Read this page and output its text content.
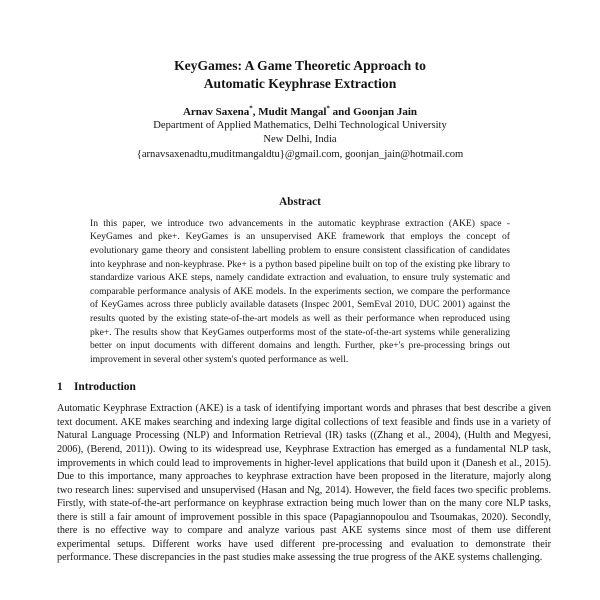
KeyGames: A Game Theoretic Approach to
Automatic Keyphrase Extraction
Arnav Saxena*, Mudit Mangal* and Goonjan Jain
Department of Applied Mathematics, Delhi Technological University
New Delhi, India
{arnavsaxenadtu,muditmangaldtu}@gmail.com, goonjan_jain@hotmail.com
Abstract
In this paper, we introduce two advancements in the automatic keyphrase extraction (AKE) space - KeyGames and pke+. KeyGames is an unsupervised AKE framework that employs the concept of evolutionary game theory and consistent labelling problem to ensure consistent classification of candidates into keyphrase and non-keyphrase. Pke+ is a python based pipeline built on top of the existing pke library to standardize various AKE steps, namely candidate extraction and evaluation, to ensure truly systematic and comparable performance analysis of AKE models. In the experiments section, we compare the performance of KeyGames across three publicly available datasets (Inspec 2001, SemEval 2010, DUC 2001) against the results quoted by the existing state-of-the-art models as well as their performance when reproduced using pke+. The results show that KeyGames outperforms most of the state-of-the-art systems while generalizing better on input documents with different domains and length. Further, pke+'s pre-processing brings out improvement in several other system's quoted performance as well.
1 Introduction
Automatic Keyphrase Extraction (AKE) is a task of identifying important words and phrases that best describe a given text document. AKE makes searching and indexing large digital collections of text feasible and finds use in a variety of Natural Language Processing (NLP) and Information Retrieval (IR) tasks ((Zhang et al., 2004), (Hulth and Megyesi, 2006), (Berend, 2011)). Owing to its widespread use, Keyphrase Extraction has emerged as a fundamental NLP task, improvements in which could lead to improvements in higher-level applications that build upon it (Danesh et al., 2015). Due to this importance, many approaches to keyphrase extraction have been proposed in the literature, majorly along two research lines: supervised and unsupervised (Hasan and Ng, 2014). However, the field faces two specific problems. Firstly, with state-of-the-art performance on keyphrase extraction being much lower than on the many core NLP tasks, there is still a fair amount of improvement possible in this space (Papagiannopoulou and Tsoumakas, 2020). Secondly, there is no effective way to compare and analyze various past AKE systems since most of them use different experimental setups. Different works have used different pre-processing and evaluation to demonstrate their performance. These discrepancies in the past studies make assessing the true progress of the AKE systems challenging.
